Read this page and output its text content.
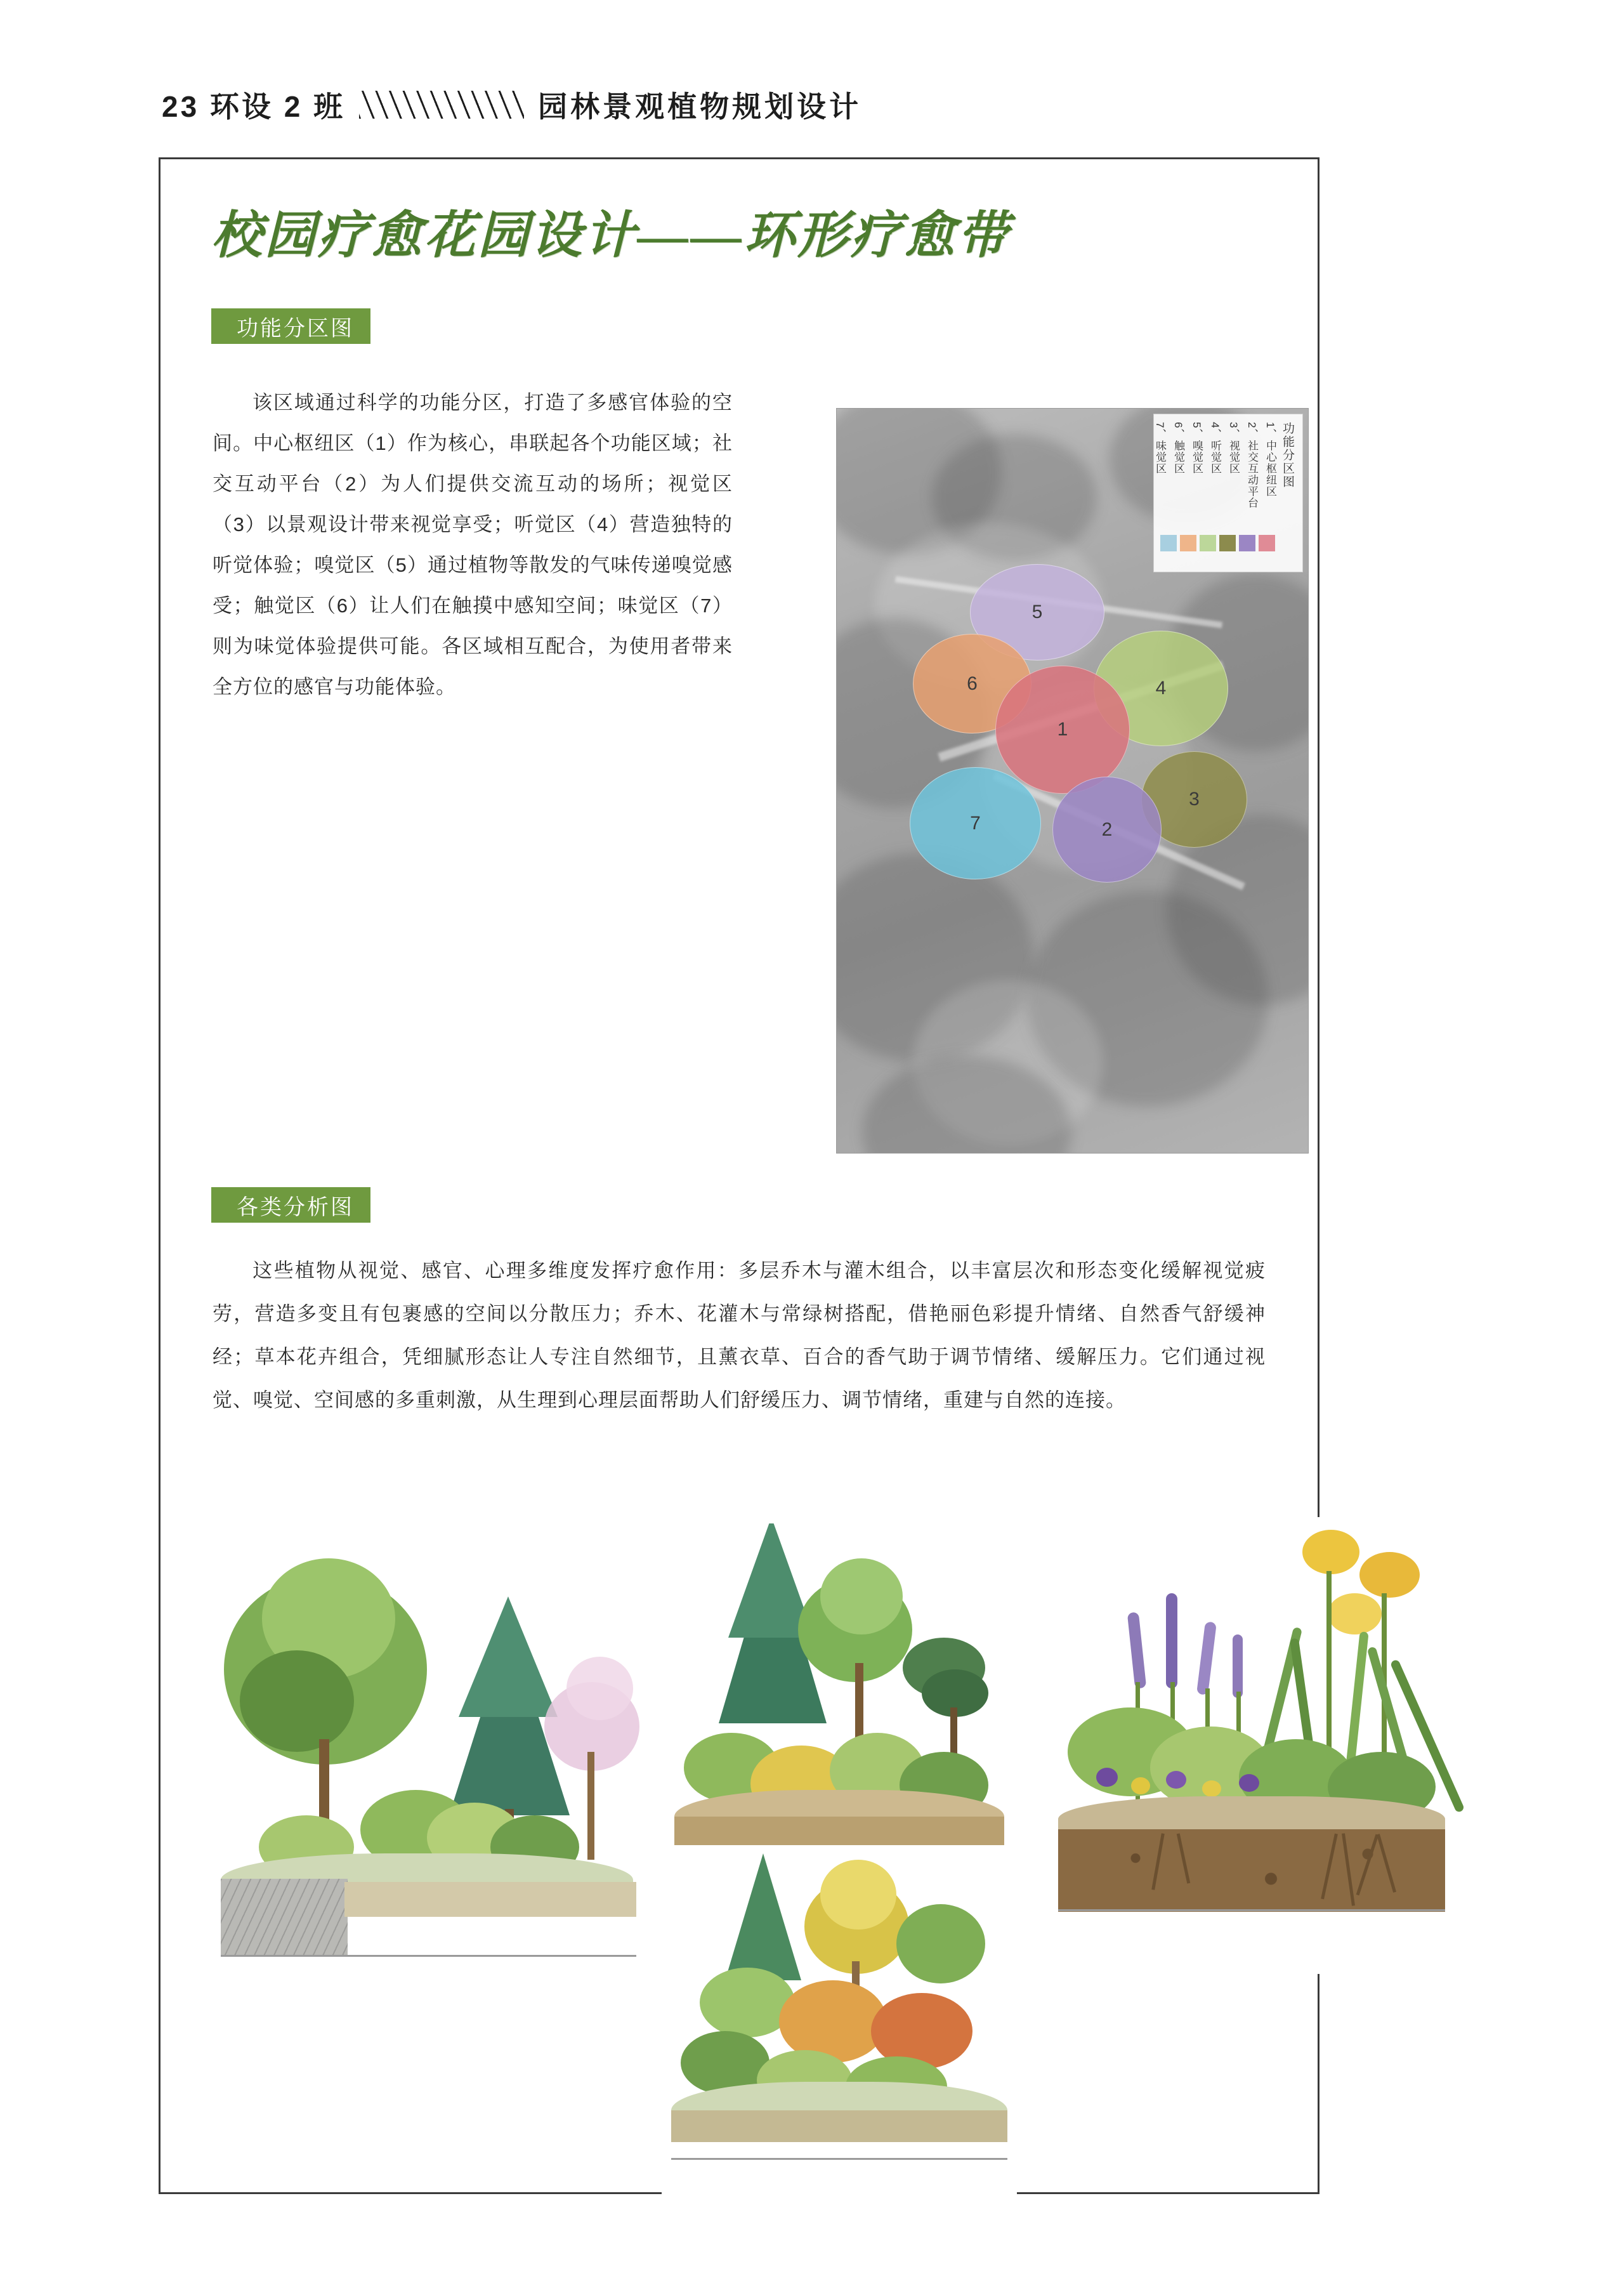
23 环设 2 班	园林景观植物规划设计
校园疗愈花园设计——环形疗愈带
功能分区图
该区域通过科学的功能分区，打造了多感官体验的空间。中心枢纽区（1）作为核心，串联起各个功能区域；社交互动平台（2）为人们提供交流互动的场所；视觉区（3）以景观设计带来视觉享受；听觉区（4）营造独特的听觉体验；嗅觉区（5）通过植物等散发的气味传递嗅觉感受；触觉区（6）让人们在触摸中感知空间；味觉区（7）则为味觉体验提供可能。各区域相互配合，为使用者带来全方位的感官与功能体验。
功能分区图
1、中心枢纽区
2、社交互动平台
3、视觉区
4、听觉区
5、嗅觉区
6、触觉区
7、味觉区
5
4
6
1
3
2
7
各类分析图
这些植物从视觉、感官、心理多维度发挥疗愈作用：多层乔木与灌木组合，以丰富层次和形态变化缓解视觉疲劳，营造多变且有包裹感的空间以分散压力；乔木、花灌木与常绿树搭配，借艳丽色彩提升情绪、自然香气舒缓神经；草本花卉组合，凭细腻形态让人专注自然细节，且薰衣草、百合的香气助于调节情绪、缓解压力。它们通过视觉、嗅觉、空间感的多重刺激，从生理到心理层面帮助人们舒缓压力、调节情绪，重建与自然的连接。
